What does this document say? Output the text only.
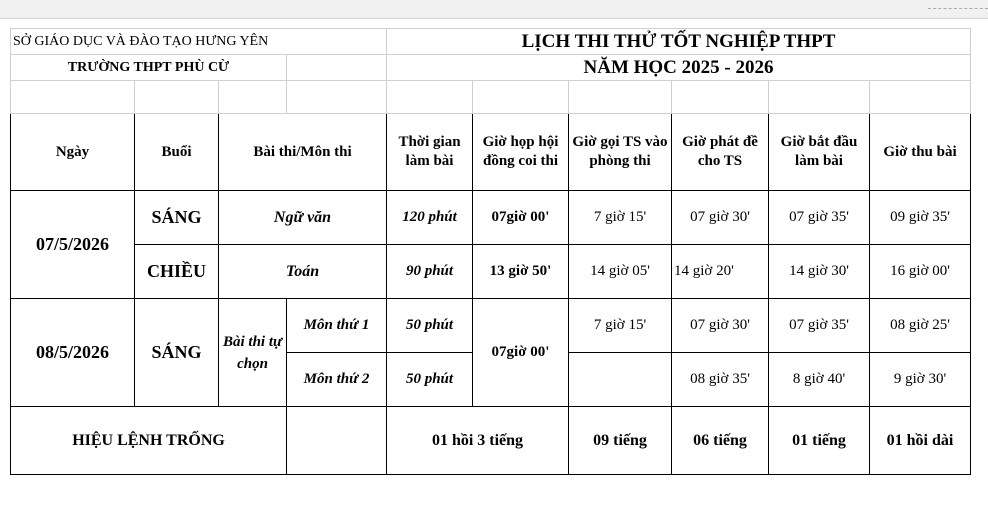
SỞ GIÁO DỤC VÀ ĐÀO TẠO HƯNG YÊN				LỊCH THI THỬ TỐT NGHIỆP THPT					
TRƯỜNG THPT PHÙ CỪ				NĂM HỌC 2025 - 2026					

Ngày	Buổi	Bài thi/Môn thi		Thời gian làm bài	Giờ họp hội đồng coi thi	Giờ gọi TS vào phòng thi	Giờ phát đề cho TS	Giờ bắt đầu làm bài	Giờ thu bài
07/5/2026	SÁNG	Ngữ văn		120 phút	07giờ 00'	7 giờ 15'	07 giờ 30'	07 giờ 35'	09 giờ 35'
	CHIỀU	Toán		90 phút	13 giờ 50'	14 giờ 05'	14 giờ 20'	14 giờ 30'	16 giờ 00'
08/5/2026	SÁNG	Bài thi tự chọn	Môn thứ 1	50 phút	07giờ 00'	7 giờ 15'	07 giờ 30'	07 giờ 35'	08 giờ 25'
			Môn thứ 2	50 phút			08 giờ 35'	8 giờ 40'	9 giờ 30'
HIỆU LỆNH TRỐNG				01 hồi 3 tiếng		09 tiếng	06 tiếng	01 tiếng	01 hồi dài
